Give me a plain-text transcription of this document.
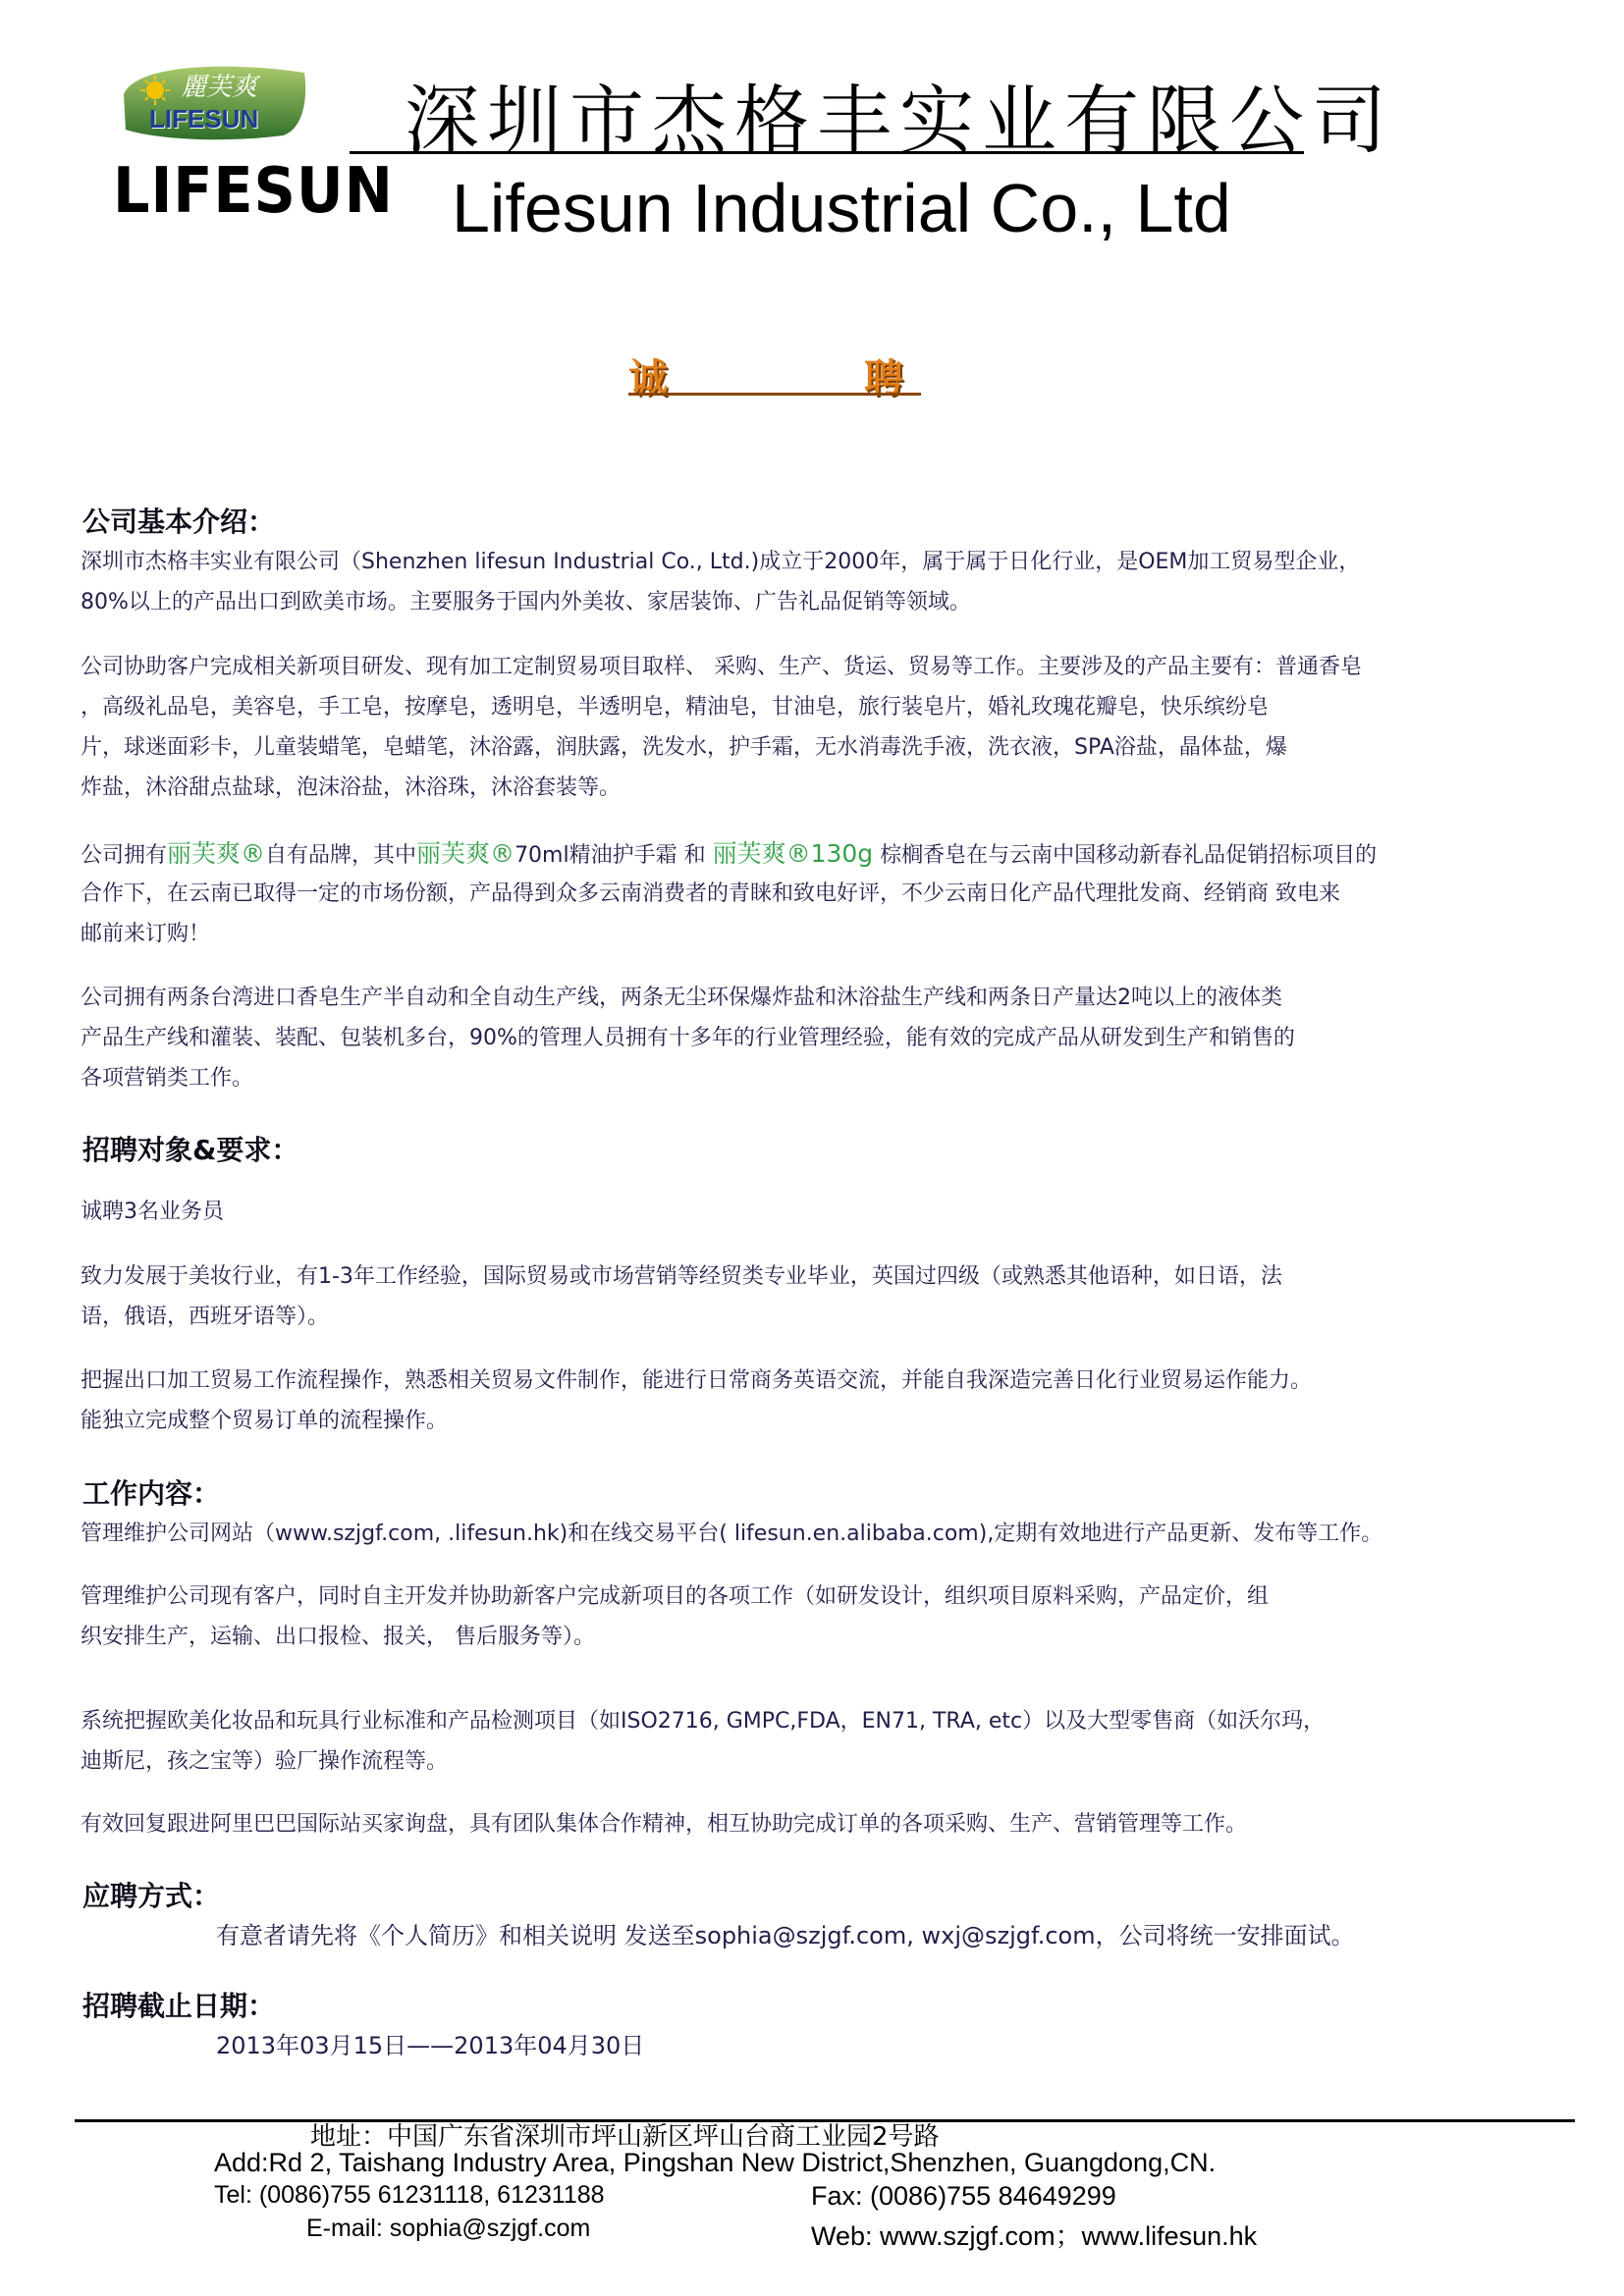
麗芙爽
LIFESUN
LIFESUN
深圳市杰格丰实业有限公司
Lifesun Industrial Co., Ltd
诚	聘
公司基本介绍：
深圳市杰格丰实业有限公司（Shenzhen lifesun Industrial Co., Ltd.)成立于2000年，属于属于日化行业，是OEM加工贸易型企业，
80%以上的产品出口到欧美市场。主要服务于国内外美妆、家居装饰、广告礼品促销等领域。
公司协助客户完成相关新项目研发、现有加工定制贸易项目取样、 采购、生产、货运、贸易等工作。主要涉及的产品主要有：普通香皂
，高级礼品皂，美容皂，手工皂，按摩皂，透明皂，半透明皂，精油皂，甘油皂，旅行装皂片，婚礼玫瑰花瓣皂，快乐缤纷皂
片，球迷面彩卡，儿童装蜡笔，皂蜡笔，沐浴露，润肤露，洗发水，护手霜，无水消毒洗手液，洗衣液，SPA浴盐，晶体盐，爆
炸盐，沐浴甜点盐球，泡沫浴盐，沐浴珠，沐浴套装等。
公司拥有丽芙爽®自有品牌，其中丽芙爽®70ml精油护手霜 和 丽芙爽®130g 棕榈香皂在与云南中国移动新春礼品促销招标项目的
合作下，在云南已取得一定的市场份额，产品得到众多云南消费者的青睐和致电好评，不少云南日化产品代理批发商、经销商 致电来
邮前来订购！
公司拥有两条台湾进口香皂生产半自动和全自动生产线，两条无尘环保爆炸盐和沐浴盐生产线和两条日产量达2吨以上的液体类
产品生产线和灌装、装配、包装机多台，90%的管理人员拥有十多年的行业管理经验，能有效的完成产品从研发到生产和销售的
各项营销类工作。
招聘对象&要求：
诚聘3名业务员
致力发展于美妆行业，有1-3年工作经验，国际贸易或市场营销等经贸类专业毕业，英国过四级（或熟悉其他语种，如日语，法
语，俄语，西班牙语等）。
把握出口加工贸易工作流程操作，熟悉相关贸易文件制作，能进行日常商务英语交流，并能自我深造完善日化行业贸易运作能力。
能独立完成整个贸易订单的流程操作。
工作内容：
管理维护公司网站（www.szjgf.com, .lifesun.hk)和在线交易平台( lifesun.en.alibaba.com),定期有效地进行产品更新、发布等工作。
管理维护公司现有客户，同时自主开发并协助新客户完成新项目的各项工作（如研发设计，组织项目原料采购，产品定价，组
织安排生产，运输、出口报检、报关， 售后服务等）。
系统把握欧美化妆品和玩具行业标准和产品检测项目（如ISO2716, GMPC,FDA，EN71, TRA, etc）以及大型零售商（如沃尔玛，
迪斯尼，孩之宝等）验厂操作流程等。
有效回复跟进阿里巴巴国际站买家询盘，具有团队集体合作精神，相互协助完成订单的各项采购、生产、营销管理等工作。
应聘方式：
有意者请先将《个人简历》和相关说明 发送至sophia@szjgf.com, wxj@szjgf.com，公司将统一安排面试。
招聘截止日期：
2013年03月15日——2013年04月30日
地址：中国广东省深圳市坪山新区坪山台商工业园2号路
Add:Rd 2, Taishang Industry Area, Pingshan New District,Shenzhen, Guangdong,CN.
Tel: (0086)755 61231118, 61231188	Fax: (0086)755 84649299
E-mail: sophia@szjgf.com	Web: www.szjgf.com；www.lifesun.hk
